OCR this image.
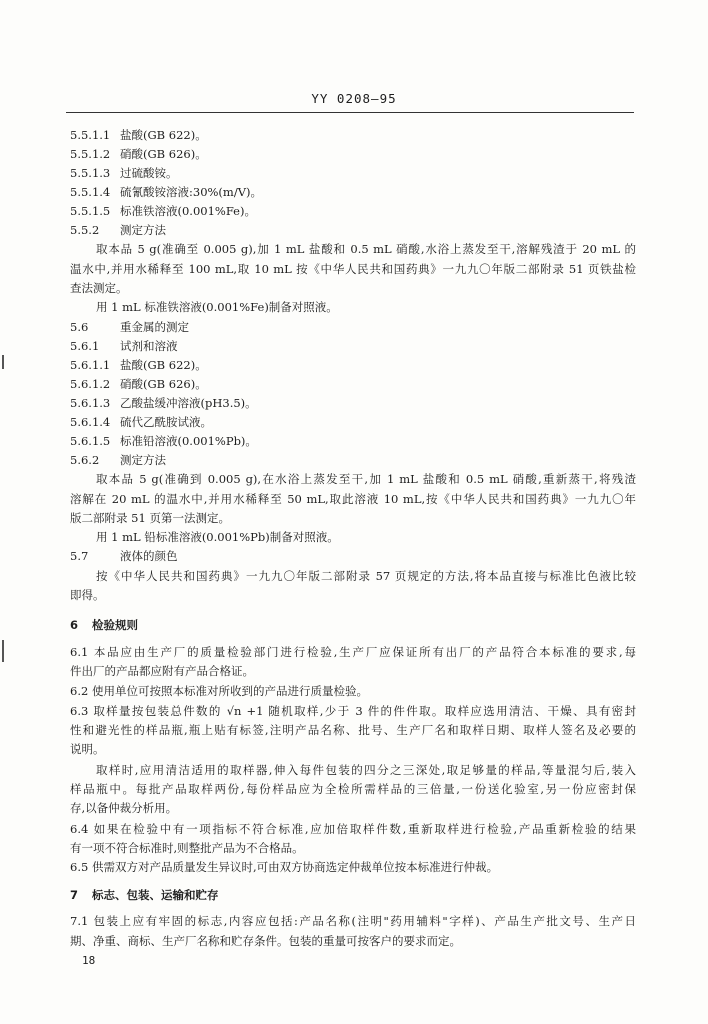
YY 0208—95
5.5.1.1 盐酸(GB 622)。
5.5.1.2 硝酸(GB 626)。
5.5.1.3 过硫酸铵。
5.5.1.4 硫氰酸铵溶液:30%(m/V)。
5.5.1.5 标准铁溶液(0.001%Fe)。
5.5.2 测定方法
取本品 5 g(准确至 0.005 g),加 1 mL 盐酸和 0.5 mL 硝酸,水浴上蒸发至干,溶解残渣于 20 mL 的
温水中,并用水稀释至 100 mL,取 10 mL 按《中华人民共和国药典》一九九〇年版二部附录 51 页铁盐检
查法测定。
用 1 mL 标准铁溶液(0.001%Fe)制备对照液。
5.6	重金属的测定
5.6.1 试剂和溶液
5.6.1.1 盐酸(GB 622)。
5.6.1.2 硝酸(GB 626)。
5.6.1.3 乙酸盐缓冲溶液(pH3.5)。
5.6.1.4 硫代乙酰胺试液。
5.6.1.5 标准铅溶液(0.001%Pb)。
5.6.2 测定方法
取本品 5 g(准确到 0.005 g),在水浴上蒸发至干,加 1 mL 盐酸和 0.5 mL 硝酸,重新蒸干,将残渣
溶解在 20 mL 的温水中,并用水稀释至 50 mL,取此溶液 10 mL,按《中华人民共和国药典》一九九〇年
版二部附录 51 页第一法测定。
用 1 mL 铅标准溶液(0.001%Pb)制备对照液。
5.7	液体的颜色
按《中华人民共和国药典》一九九〇年版二部附录 57 页规定的方法,将本品直接与标准比色液比较
即得。
6 检验规则
6.1 本品应由生产厂的质量检验部门进行检验,生产厂应保证所有出厂的产品符合本标准的要求,每
件出厂的产品都应附有产品合格证。
6.2 使用单位可按照本标准对所收到的产品进行质量检验。
6.3 取样量按包装总件数的 √n +1 随机取样,少于 3 件的件件取。取样应选用清洁、干燥、具有密封
性和避光性的样品瓶,瓶上贴有标签,注明产品名称、批号、生产厂名和取样日期、取样人签名及必要的
说明。
取样时,应用清洁适用的取样器,伸入每件包装的四分之三深处,取足够量的样品,等量混匀后,装入
样品瓶中。每批产品取样两份,每份样品应为全检所需样品的三倍量,一份送化验室,另一份应密封保
存,以备仲裁分析用。
6.4 如果在检验中有一项指标不符合标准,应加倍取样件数,重新取样进行检验,产品重新检验的结果
有一项不符合标准时,则整批产品为不合格品。
6.5 供需双方对产品质量发生异议时,可由双方协商选定仲裁单位按本标准进行仲裁。
7 标志、包装、运输和贮存
7.1 包装上应有牢固的标志,内容应包括:产品名称(注明"药用辅料"字样)、产品生产批文号、生产日
期、净重、商标、生产厂名称和贮存条件。包装的重量可按客户的要求而定。
18
